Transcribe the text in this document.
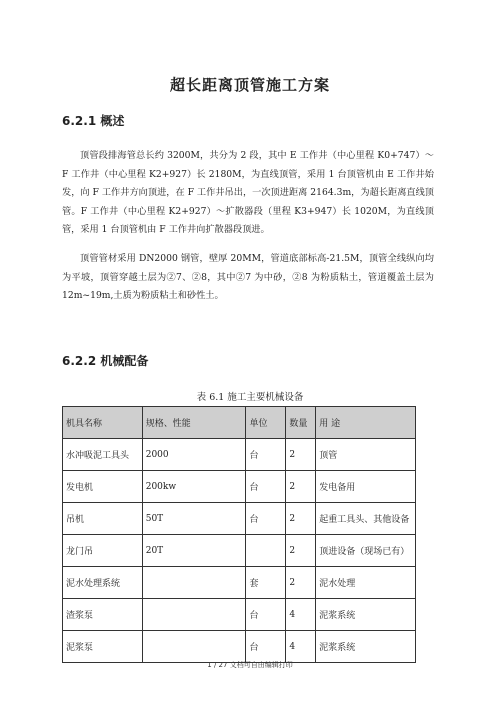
超长距离顶管施工方案
6.2.1 概述

顶管段排海管总长约 3200M，共分为 2 段，其中 E 工作井（中心里程 K0+747）～F 工作井（中心里程 K2+927）长 2180M，为直线顶管，采用 1 台顶管机由 E 工作井始发，向 F 工作井方向顶进，在 F 工作井吊出，一次顶进距离 2164.3m，为超长距离直线顶管。F 工作井（中心里程 K2+927）～扩散器段（里程 K3+947）长 1020M，为直线顶管，采用 1 台顶管机由 F 工作井向扩散器段顶进。

顶管管材采用 DN2000 钢管，壁厚 20MM，管道底部标高-21.5M，顶管全线纵向均为平坡，顶管穿越土层为②7、②8，其中②7 为中砂，②8 为粉质粘土，管道覆盖土层为 12m~19m,土质为粉质粘土和砂性土。

6.2.2 机械配备
表 6.1 施工主要机械设备
机具名称	规格、性能	单位	数量	用 途
水冲吸泥工具头	2000	台	2	顶管
发电机	200kw	台	2	发电备用
吊机	50T	台	2	起重工具头、其他设备
龙门吊	20T		2	顶进设备（现场已有）
泥水处理系统		套	2	泥水处理
渣浆泵		台	4	泥浆系统
泥浆泵		台	4	泥浆系统
1 / 27 文档可自由编辑打印
